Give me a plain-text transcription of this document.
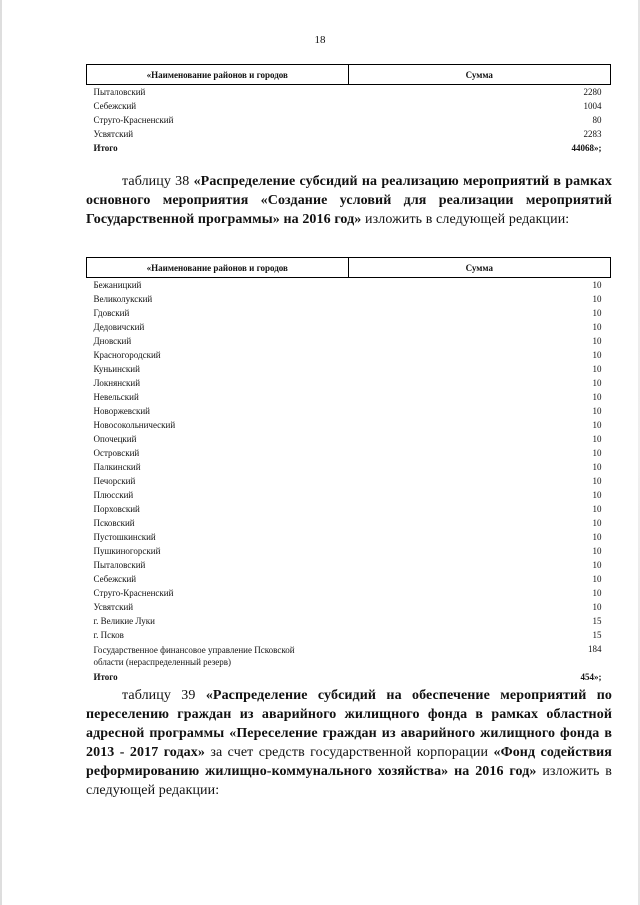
18
«Наименование районов и городов	Сумма
Пыталовский	2280
Себежский	1004
Струго-Красненский	80
Усвятский	2283
Итого	44068»;
таблицу 38 «Распределение субсидий на реализацию мероприятий в рамках основного мероприятия «Создание условий для реализации мероприятий Государственной программы» на 2016 год» изложить в следующей редакции:
«Наименование районов и городов	Сумма
Бежаницкий	10
Великолукский	10
Гдовский	10
Дедовичский	10
Дновский	10
Красногородский	10
Куньинский	10
Локнянский	10
Невельский	10
Новоржевский	10
Новосокольнический	10
Опочецкий	10
Островский	10
Палкинский	10
Печорский	10
Плюсский	10
Порховский	10
Псковский	10
Пустошкинский	10
Пушкиногорский	10
Пыталовский	10
Себежский	10
Струго-Красненский	10
Усвятский	10
г. Великие Луки	15
г. Псков	15
Государственное финансовое управление Псковской
области (нераспределенный резерв)	184
Итого	454»;
таблицу 39 «Распределение субсидий на обеспечение мероприятий по переселению граждан из аварийного жилищного фонда в рамках областной адресной программы «Переселение граждан из аварийного жилищного фонда в 2013 - 2017 годах» за счет средств государственной корпорации «Фонд содействия реформированию жилищно-коммунального хозяйства» на 2016 год» изложить в следующей редакции:
